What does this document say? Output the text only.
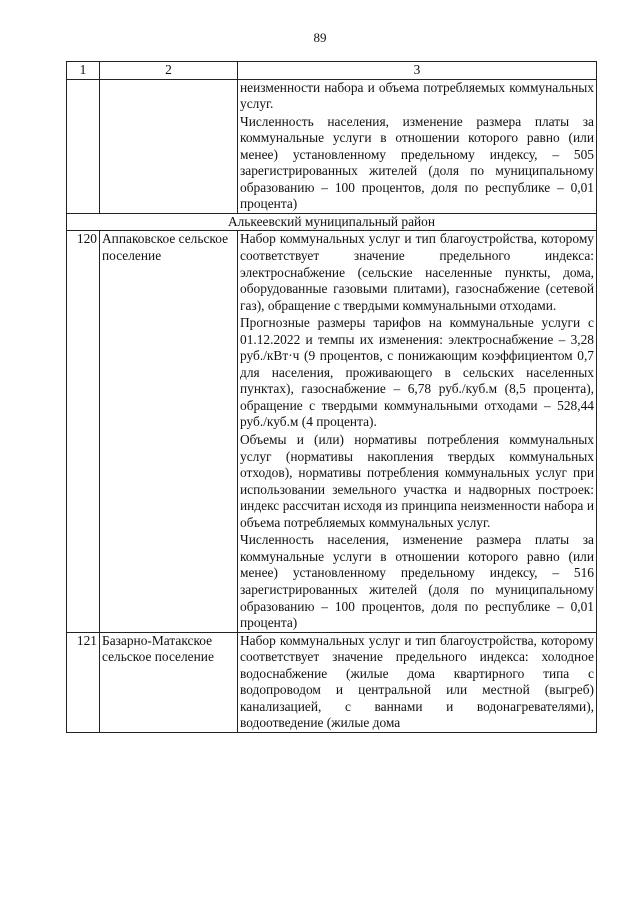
89
1	2	3

		неизменности набора и объема потребляемых коммунальных услуг.

Численность населения, изменение размера платы за коммунальные услуги в отношении которого равно (или менее) установленному предельному индексу, – 505 зарегистрированных жителей (доля по муниципальному образованию – 100 процентов, доля по республике – 0,01 процента)

Алькеевский муниципальный район		
120	Аппаковское сельское поселение	Набор коммунальных услуг и тип благоустройства, которому соответствует значение предельного индекса: электроснабжение (сельские населенные пункты, дома, оборудованные газовыми плитами), газоснабжение (сетевой газ), обращение с твердыми коммунальными отходами.

Прогнозные размеры тарифов на коммунальные услуги с 01.12.2022 и темпы их изменения: электроснабжение – 3,28 руб./кВт·ч (9 процентов, с понижающим коэффициентом 0,7 для населения, проживающего в сельских населенных пунктах), газоснабжение – 6,78 руб./куб.м (8,5 процента), обращение с твердыми коммунальными отходами – 528,44 руб./куб.м (4 процента).

Объемы и (или) нормативы потребления коммунальных услуг (нормативы накопления твердых коммунальных отходов), нормативы потребления коммунальных услуг при использовании земельного участка и надворных построек: индекс рассчитан исходя из принципа неизменности набора и объема потребляемых коммунальных услуг.

Численность населения, изменение размера платы за коммунальные услуги в отношении которого равно (или менее) установленному предельному индексу, – 516 зарегистрированных жителей (доля по муниципальному образованию – 100 процентов, доля по республике – 0,01 процента)

121	Базарно-Матакское сельское поселение	Набор коммунальных услуг и тип благоустройства, которому соответствует значение предельного индекса: холодное водоснабжение (жилые дома квартирного типа с водопроводом и центральной или местной (выгреб) канализацией, с ваннами и водонагревателями), водоотведение (жилые дома
